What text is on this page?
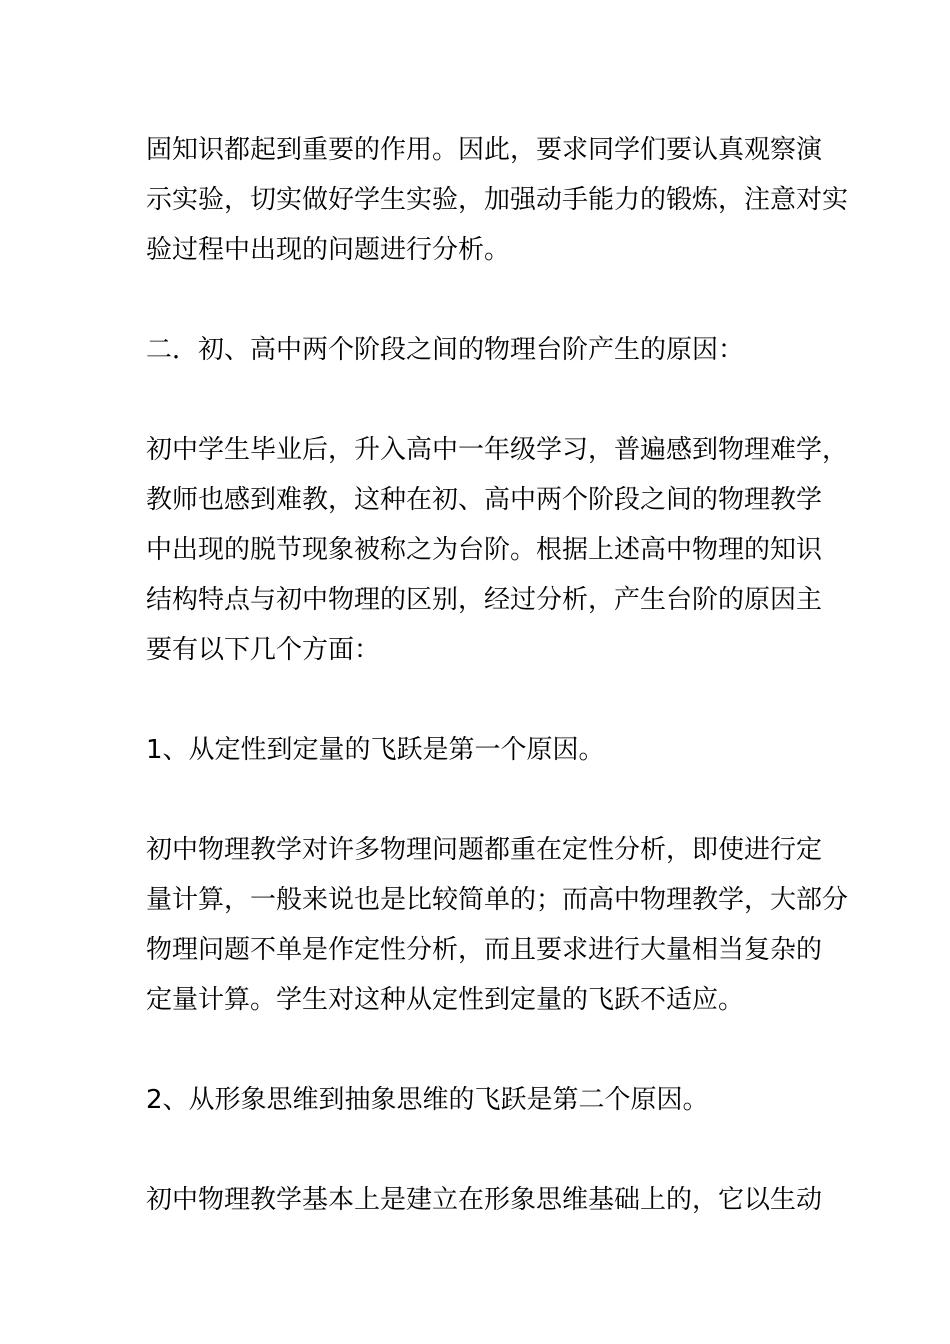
固知识都起到重要的作用。因此，要求同学们要认真观察演
示实验，切实做好学生实验，加强动手能力的锻炼，注意对实
验过程中出现的问题进行分析。
二．初、高中两个阶段之间的物理台阶产生的原因：
初中学生毕业后，升入高中一年级学习，普遍感到物理难学，
教师也感到难教，这种在初、高中两个阶段之间的物理教学
中出现的脱节现象被称之为台阶。根据上述高中物理的知识
结构特点与初中物理的区别，经过分析，产生台阶的原因主
要有以下几个方面：
1、从定性到定量的飞跃是第一个原因。
初中物理教学对许多物理问题都重在定性分析，即使进行定
量计算，一般来说也是比较简单的；而高中物理教学，大部分
物理问题不单是作定性分析，而且要求进行大量相当复杂的
定量计算。学生对这种从定性到定量的飞跃不适应。
2、从形象思维到抽象思维的飞跃是第二个原因。
初中物理教学基本上是建立在形象思维基础上的，它以生动
